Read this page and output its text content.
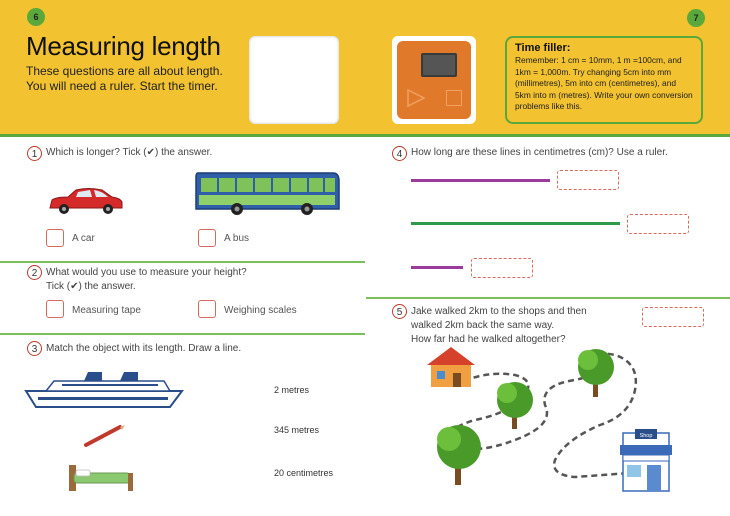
6	7
Measuring length
These questions are all about length.
You will need a ruler. Start the timer.
Time filler:
Remember: 1 cm = 10mm, 1 m =100cm, and 1km = 1,000m. Try changing 5cm into mm (millimetres), 5m into cm (centimetres), and 5km into m (metres). Write your own conversion problems like this.
1 Which is longer? Tick (✔) the answer.
A car	A bus
2 What would you use to measure your height?
Tick (✔) the answer.
Measuring tape	Weighing scales
3 Match the object with its length. Draw a line.
2 metres
345 metres
20 centimetres
4 How long are these lines in centimetres (cm)? Use a ruler.
5 Jake walked 2km to the shops and then
walked 2km back the same way.
How far had he walked altogether?
Shop
